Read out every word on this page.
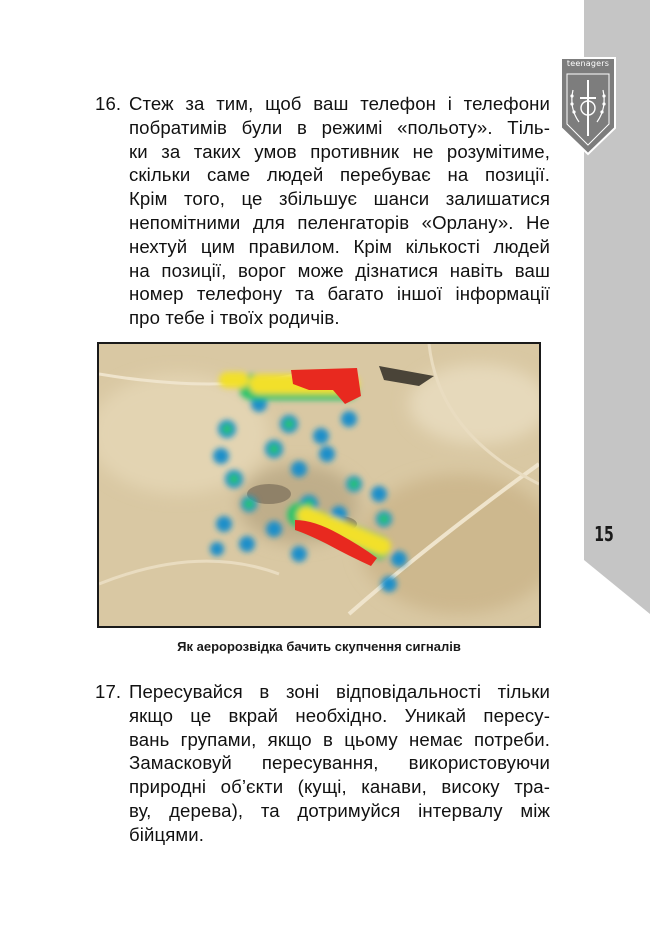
teenagers
15
16. Стеж за тим, щоб ваш телефон і телефони
побратимів були в режимі «польоту». Тіль-
ки за таких умов противник не розумітиме,
скільки саме людей перебуває на позиції.
Крім того, це збільшує шанси залишатися
непомітними для пеленгаторів «Орлану». Не
нехтуй цим правилом. Крім кількості людей
на позиції, ворог може дізнатися навіть ваш
номер телефону та багато іншої інформації
про тебе і твоїх родичів.
Як аеророзвідка бачить скупчення сигналів
17. Пересувайся в зоні відповідальності тільки
якщо це вкрай необхідно. Уникай пересу-
вань групами, якщо в цьому немає потреби.
Замасковуй пересування, використовуючи
природні об’єкти (кущі, канави, високу тра-
ву, дерева), та дотримуйся інтервалу між
бійцями.
